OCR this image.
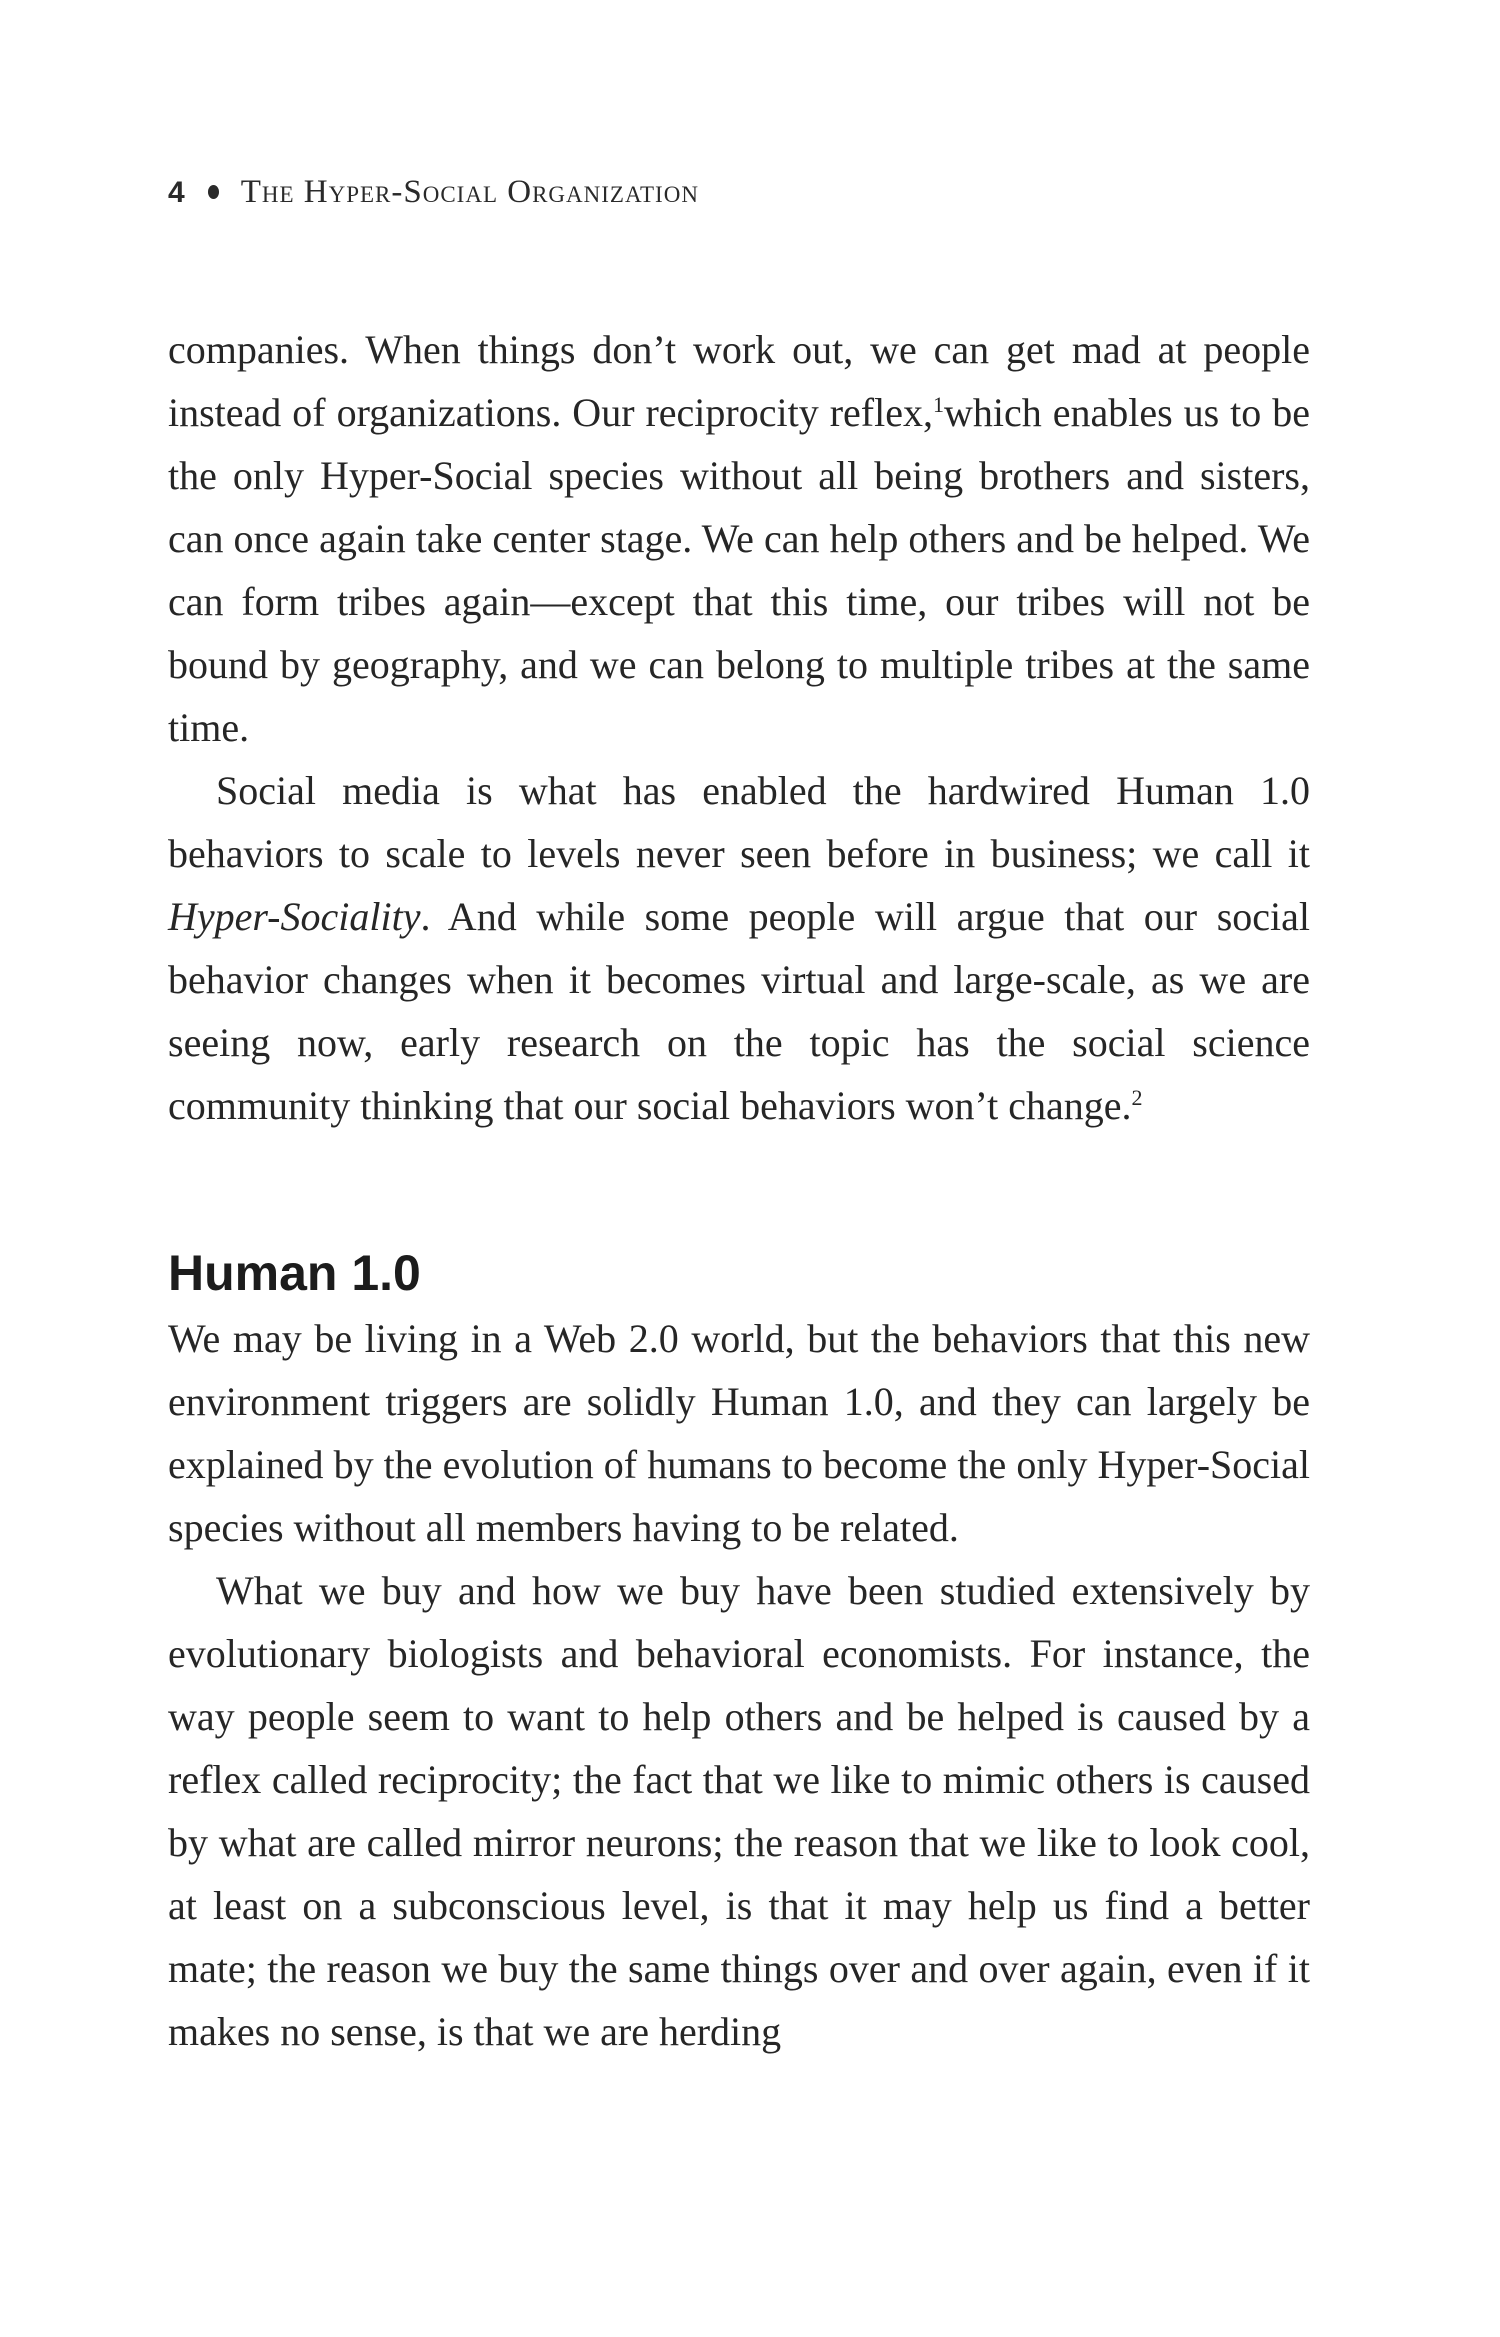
4 The Hyper-Social Organization

companies. When things don’t work out, we can get mad at people instead of organizations. Our reciprocity reflex,$^1$which enables us to be the only Hyper-Social species without all being brothers and sisters, can once again take center stage. We can help others and be helped. We can form tribes again—except that this time, our tribes will not be bound by geography, and we can belong to multiple tribes at the same time.

Social media is what has enabled the hardwired Human 1.0 behaviors to scale to levels never seen before in business; we call it Hyper-Sociality. And while some people will argue that our social behavior changes when it becomes virtual and large-scale, as we are seeing now, early research on the topic has the social science community thinking that our social behaviors won’t change.$^2$

Human 1.0

We may be living in a Web 2.0 world, but the behaviors that this new environment triggers are solidly Human 1.0, and they can largely be explained by the evolution of humans to become the only Hyper-Social species without all members having to be related.

What we buy and how we buy have been studied extensively by evolutionary biologists and behavioral economists. For instance, the way people seem to want to help others and be helped is caused by a reflex called reciprocity; the fact that we like to mimic others is caused by what are called mirror neurons; the reason that we like to look cool, at least on a subconscious level, is that it may help us find a better mate; the reason we buy the same things over and over again, even if it makes no sense, is that we are herding
